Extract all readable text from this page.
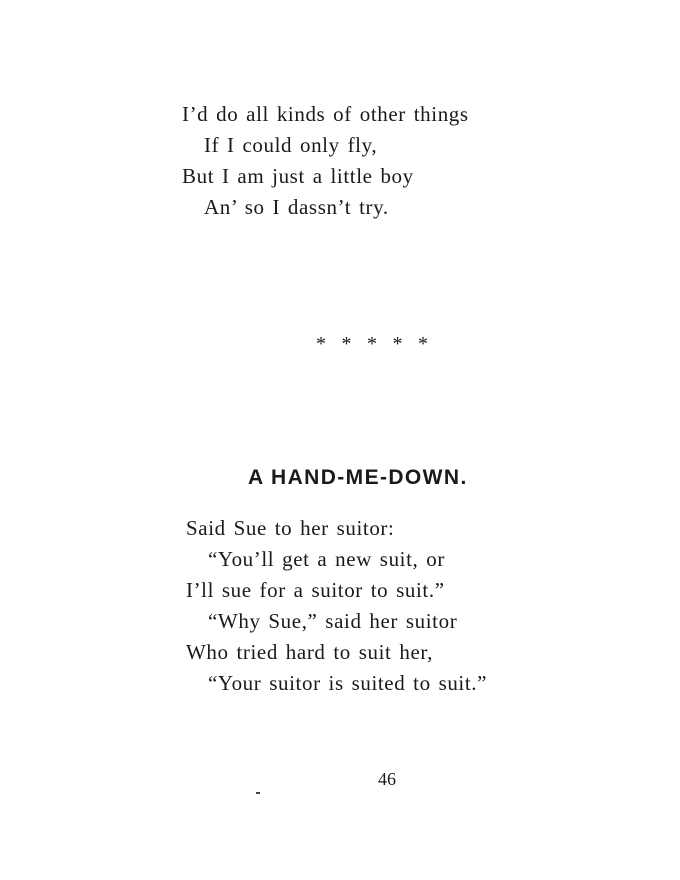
I’d do all kinds of other things
If I could only fly,
But I am just a little boy
An’ so I dassn’t try.
* * * * *
A HAND-ME-DOWN.
Said Sue to her suitor:
“You’ll get a new suit, or
I’ll sue for a suitor to suit.”
“Why Sue,” said her suitor
Who tried hard to suit her,
“Your suitor is suited to suit.”
46
